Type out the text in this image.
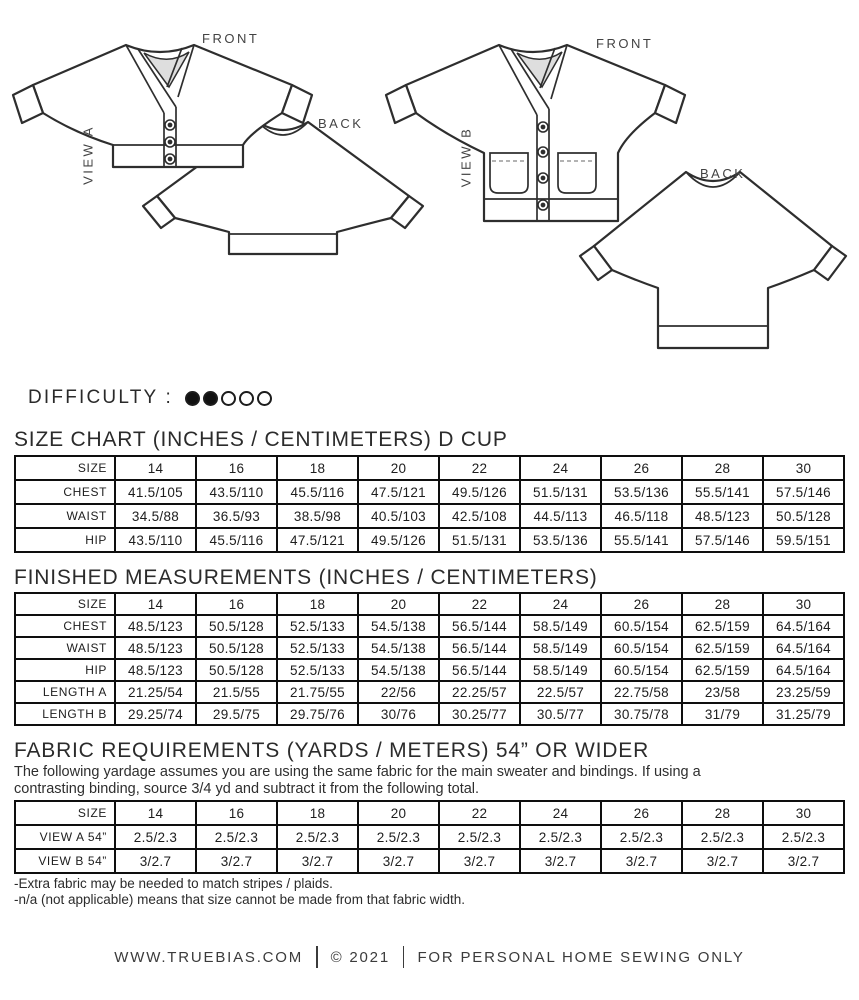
FRONT
VIEW A
BACK
FRONT
VIEW B	BACK
DIFFICULTY :
SIZE CHART (INCHES / CENTIMETERS) D CUP
SIZE	14	16	18	20	22	24	26	28	30
CHEST	41.5/105	43.5/110	45.5/116	47.5/121	49.5/126	51.5/131	53.5/136	55.5/141	57.5/146
WAIST	34.5/88	36.5/93	38.5/98	40.5/103	42.5/108	44.5/113	46.5/118	48.5/123	50.5/128
HIP	43.5/110	45.5/116	47.5/121	49.5/126	51.5/131	53.5/136	55.5/141	57.5/146	59.5/151
FINISHED MEASUREMENTS (INCHES / CENTIMETERS)
SIZE	14	16	18	20	22	24	26	28	30
CHEST	48.5/123	50.5/128	52.5/133	54.5/138	56.5/144	58.5/149	60.5/154	62.5/159	64.5/164
WAIST	48.5/123	50.5/128	52.5/133	54.5/138	56.5/144	58.5/149	60.5/154	62.5/159	64.5/164
HIP	48.5/123	50.5/128	52.5/133	54.5/138	56.5/144	58.5/149	60.5/154	62.5/159	64.5/164
LENGTH A	21.25/54	21.5/55	21.75/55	22/56	22.25/57	22.5/57	22.75/58	23/58	23.25/59
LENGTH B	29.25/74	29.5/75	29.75/76	30/76	30.25/77	30.5/77	30.75/78	31/79	31.25/79
FABRIC REQUIREMENTS (YARDS / METERS) 54” OR WIDER
The following yardage assumes you are using the same fabric for the main sweater and bindings. If using a
contrasting binding, source 3/4 yd and subtract it from the following total.
SIZE	14	16	18	20	22	24	26	28	30
VIEW A 54”	2.5/2.3	2.5/2.3	2.5/2.3	2.5/2.3	2.5/2.3	2.5/2.3	2.5/2.3	2.5/2.3	2.5/2.3
VIEW B 54”	3/2.7	3/2.7	3/2.7	3/2.7	3/2.7	3/2.7	3/2.7	3/2.7	3/2.7
-Extra fabric may be needed to match stripes / plaids.
-n/a (not applicable) means that size cannot be made from that fabric width.
WWW.TRUEBIAS.COM © 2021 FOR PERSONAL HOME SEWING ONLY
